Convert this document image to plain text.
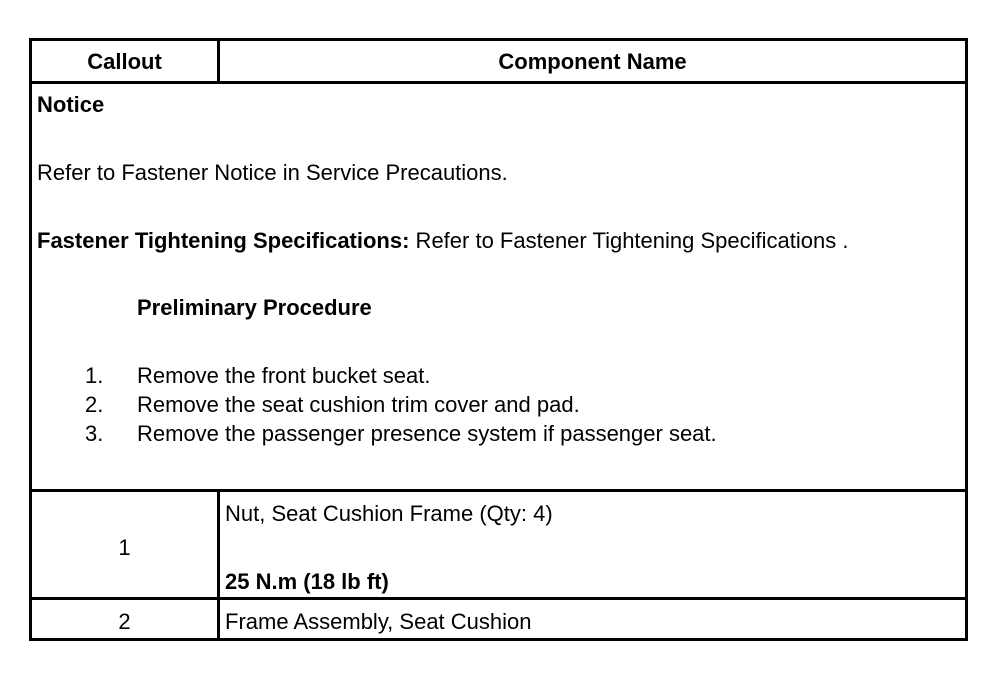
Callout	Component Name
Notice
Refer to Fastener Notice in Service Precautions.
Fastener Tightening Specifications: Refer to Fastener Tightening Specifications .
Preliminary Procedure
1. Remove the front bucket seat.
2. Remove the seat cushion trim cover and pad.
3. Remove the passenger presence system if passenger seat.
1
Nut, Seat Cushion Frame (Qty: 4)
25 N.m (18 lb ft)
2	Frame Assembly, Seat Cushion
